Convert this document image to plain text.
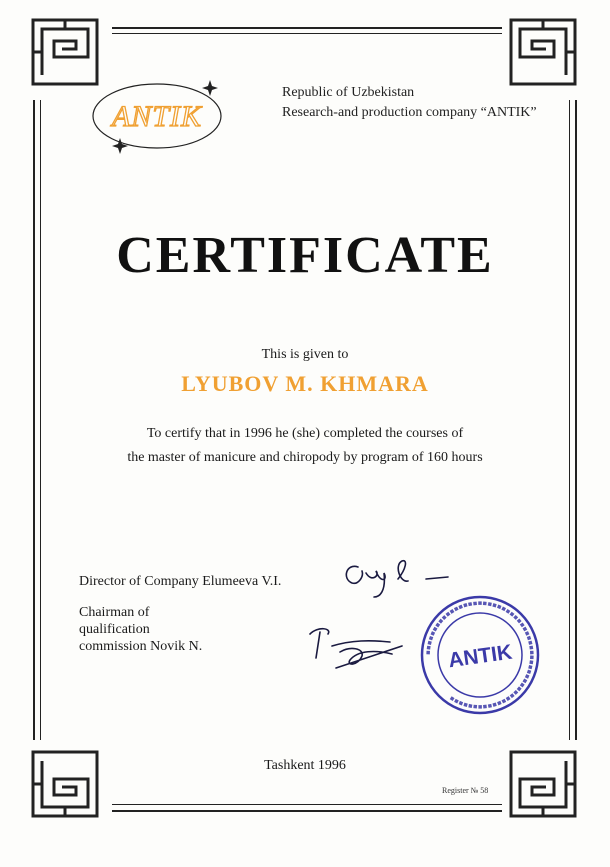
ANTIK
Republic of Uzbekistan
Research-and production company “ANTIK”
CERTIFICATE
This is given to
LYUBOV M. KHMARA
To certify that in 1996 he (she) completed the courses of
the master of manicure and chiropody by program of 160 hours
Director of Company Elumeeva V.I.
Chairman of
qualification
commission Novik N.	▪▪▪▪▪▪▪▪▪▪▪▪▪▪▪▪▪▪▪▪▪▪▪▪▪▪▪▪▪▪▪▪▪▪▪▪▪▪▪▪▪▪▪▪▪▪▪▪▪▪▪▪▪▪▪▪
ANTIK
Tashkent 1996
Register № 58
